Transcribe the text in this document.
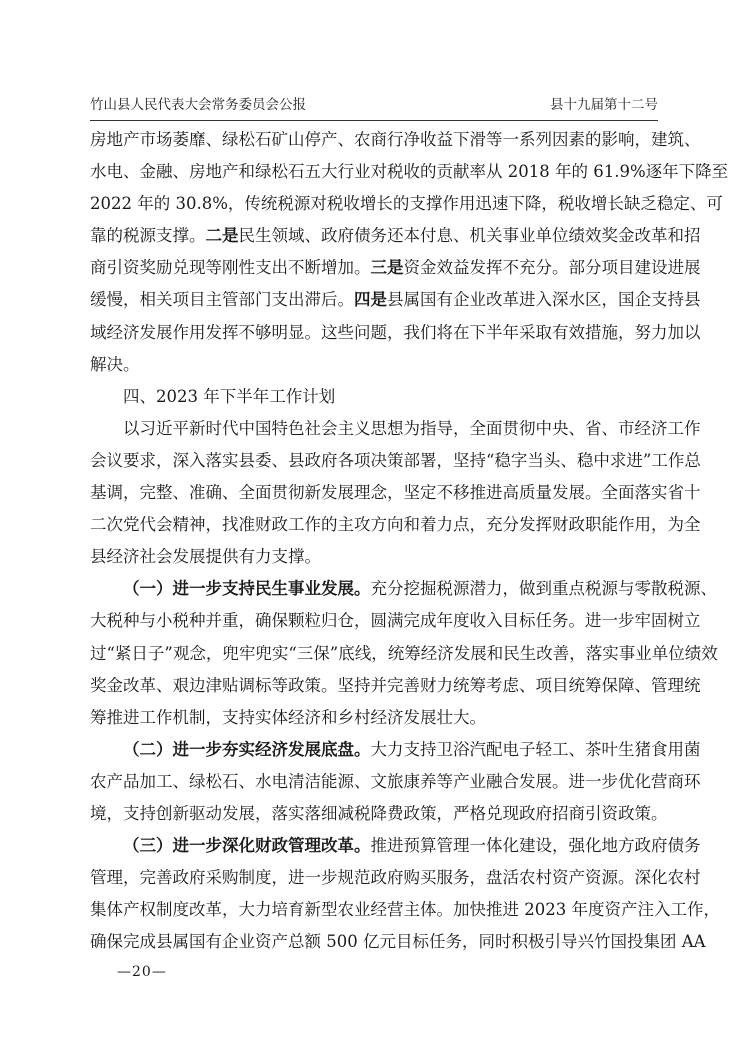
竹山县人民代表大会常务委员会公报	县十九届第十二号
房地产市场萎靡、绿松石矿山停产、农商行净收益下滑等一系列因素的影响，建筑、
水电、金融、房地产和绿松石五大行业对税收的贡献率从 2018 年的 61.9%逐年下降至
2022 年的 30.8%，传统税源对税收增长的支撑作用迅速下降，税收增长缺乏稳定、可
靠的税源支撑。二是民生领域、政府债务还本付息、机关事业单位绩效奖金改革和招
商引资奖励兑现等刚性支出不断增加。三是资金效益发挥不充分。部分项目建设进展
缓慢，相关项目主管部门支出滞后。四是县属国有企业改革进入深水区，国企支持县
域经济发展作用发挥不够明显。这些问题，我们将在下半年采取有效措施，努力加以
解决。
四、2023 年下半年工作计划
以习近平新时代中国特色社会主义思想为指导，全面贯彻中央、省、市经济工作
会议要求，深入落实县委、县政府各项决策部署，坚持“稳字当头、稳中求进”工作总
基调，完整、准确、全面贯彻新发展理念，坚定不移推进高质量发展。全面落实省十
二次党代会精神，找准财政工作的主攻方向和着力点，充分发挥财政职能作用，为全
县经济社会发展提供有力支撑。
（一）进一步支持民生事业发展。充分挖掘税源潜力，做到重点税源与零散税源、
大税种与小税种并重，确保颗粒归仓，圆满完成年度收入目标任务。进一步牢固树立
过“紧日子”观念，兜牢兜实“三保”底线，统筹经济发展和民生改善，落实事业单位绩效
奖金改革、艰边津贴调标等政策。坚持并完善财力统筹考虑、项目统筹保障、管理统
筹推进工作机制，支持实体经济和乡村经济发展壮大。
（二）进一步夯实经济发展底盘。大力支持卫浴汽配电子轻工、茶叶生猪食用菌
农产品加工、绿松石、水电清洁能源、文旅康养等产业融合发展。进一步优化营商环
境，支持创新驱动发展，落实落细减税降费政策，严格兑现政府招商引资政策。
（三）进一步深化财政管理改革。推进预算管理一体化建设，强化地方政府债务
管理，完善政府采购制度，进一步规范政府购买服务，盘活农村资产资源。深化农村
集体产权制度改革，大力培育新型农业经营主体。加快推进 2023 年度资产注入工作，
确保完成县属国有企业资产总额 500 亿元目标任务，同时积极引导兴竹国投集团 AA
—20—
